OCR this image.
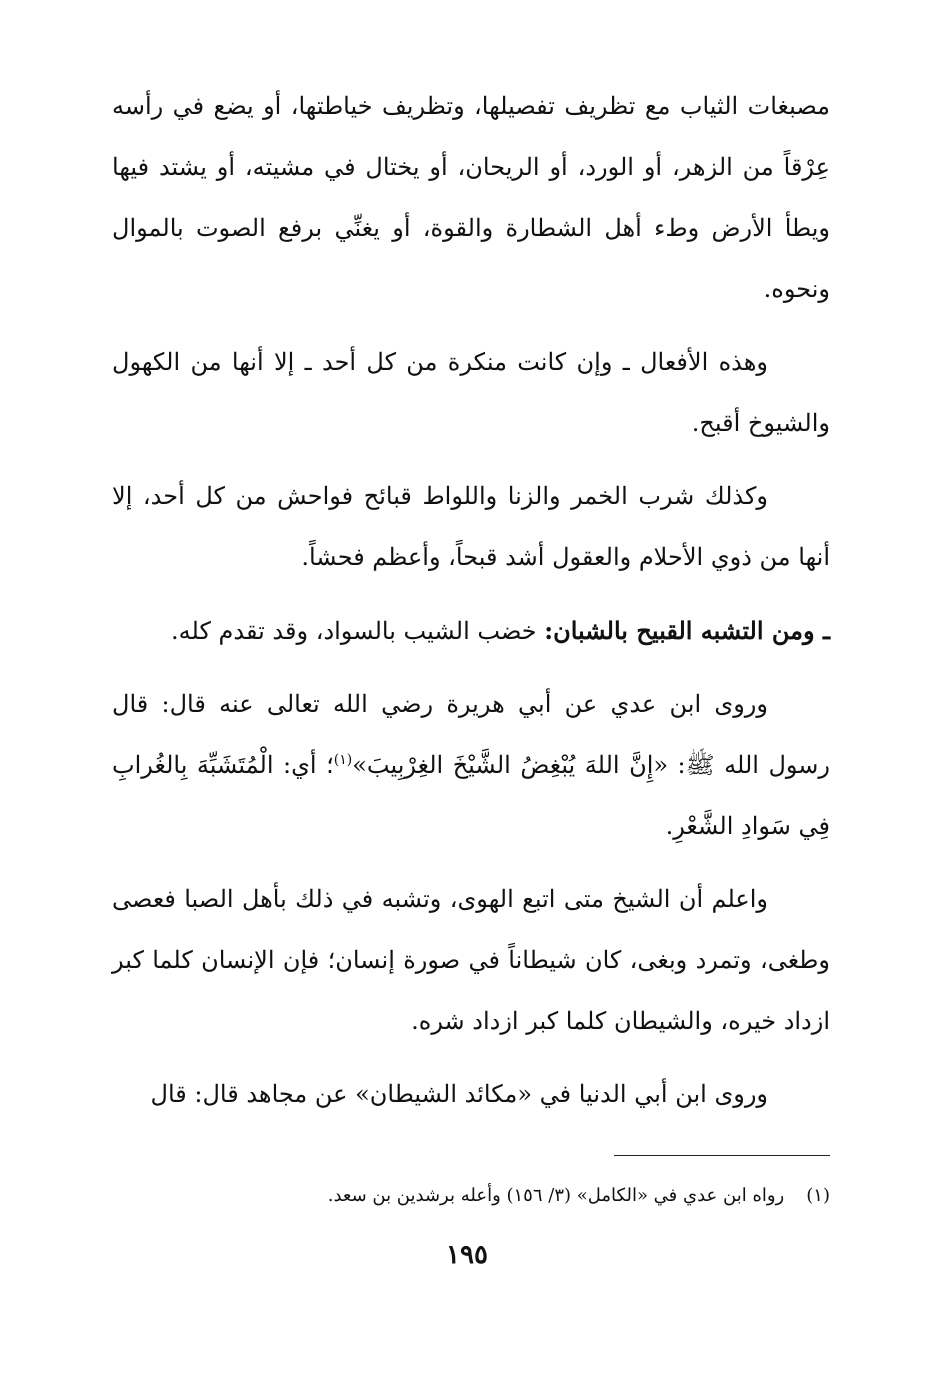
مصبغات الثياب مع تظريف تفصيلها، وتظريف خياطتها، أو يضع في رأسه عِرْقاً من الزهر، أو الورد، أو الريحان، أو يختال في مشيته، أو يشتد فيها ويطأ الأرض وطء أهل الشطارة والقوة، أو يغنِّي برفع الصوت بالموال ونحوه.

وهذه الأفعال ـ وإن كانت منكرة من كل أحد ـ إلا أنها من الكهول والشيوخ أقبح.

وكذلك شرب الخمر والزنا واللواط قبائح فواحش من كل أحد، إلا أنها من ذوي الأحلام والعقول أشد قبحاً، وأعظم فحشاً.

ـ ومن التشبه القبيح بالشبان: خضب الشيب بالسواد، وقد تقدم كله.

وروى ابن عدي عن أبي هريرة رضي الله تعالى عنه قال: قال رسول الله ﷺ: «إِنَّ اللهَ يُبْغِضُ الشَّيْخَ الغِرْبِيبَ»$^{(١)}$؛ أي: الْمُتَشَبِّهَ بِالغُرابِ فِي سَوادِ الشَّعْرِ.

واعلم أن الشيخ متى اتبع الهوى، وتشبه في ذلك بأهل الصبا فعصى وطغى، وتمرد وبغى، كان شيطاناً في صورة إنسان؛ فإن الإنسان كلما كبر ازداد خيره، والشيطان كلما كبر ازداد شره.

وروى ابن أبي الدنيا في «مكائد الشيطان» عن مجاهد قال: قال

(١)رواه ابن عدي في «الكامل» (٣/ ١٥٦) وأعله برشدين بن سعد.
١٩٥
